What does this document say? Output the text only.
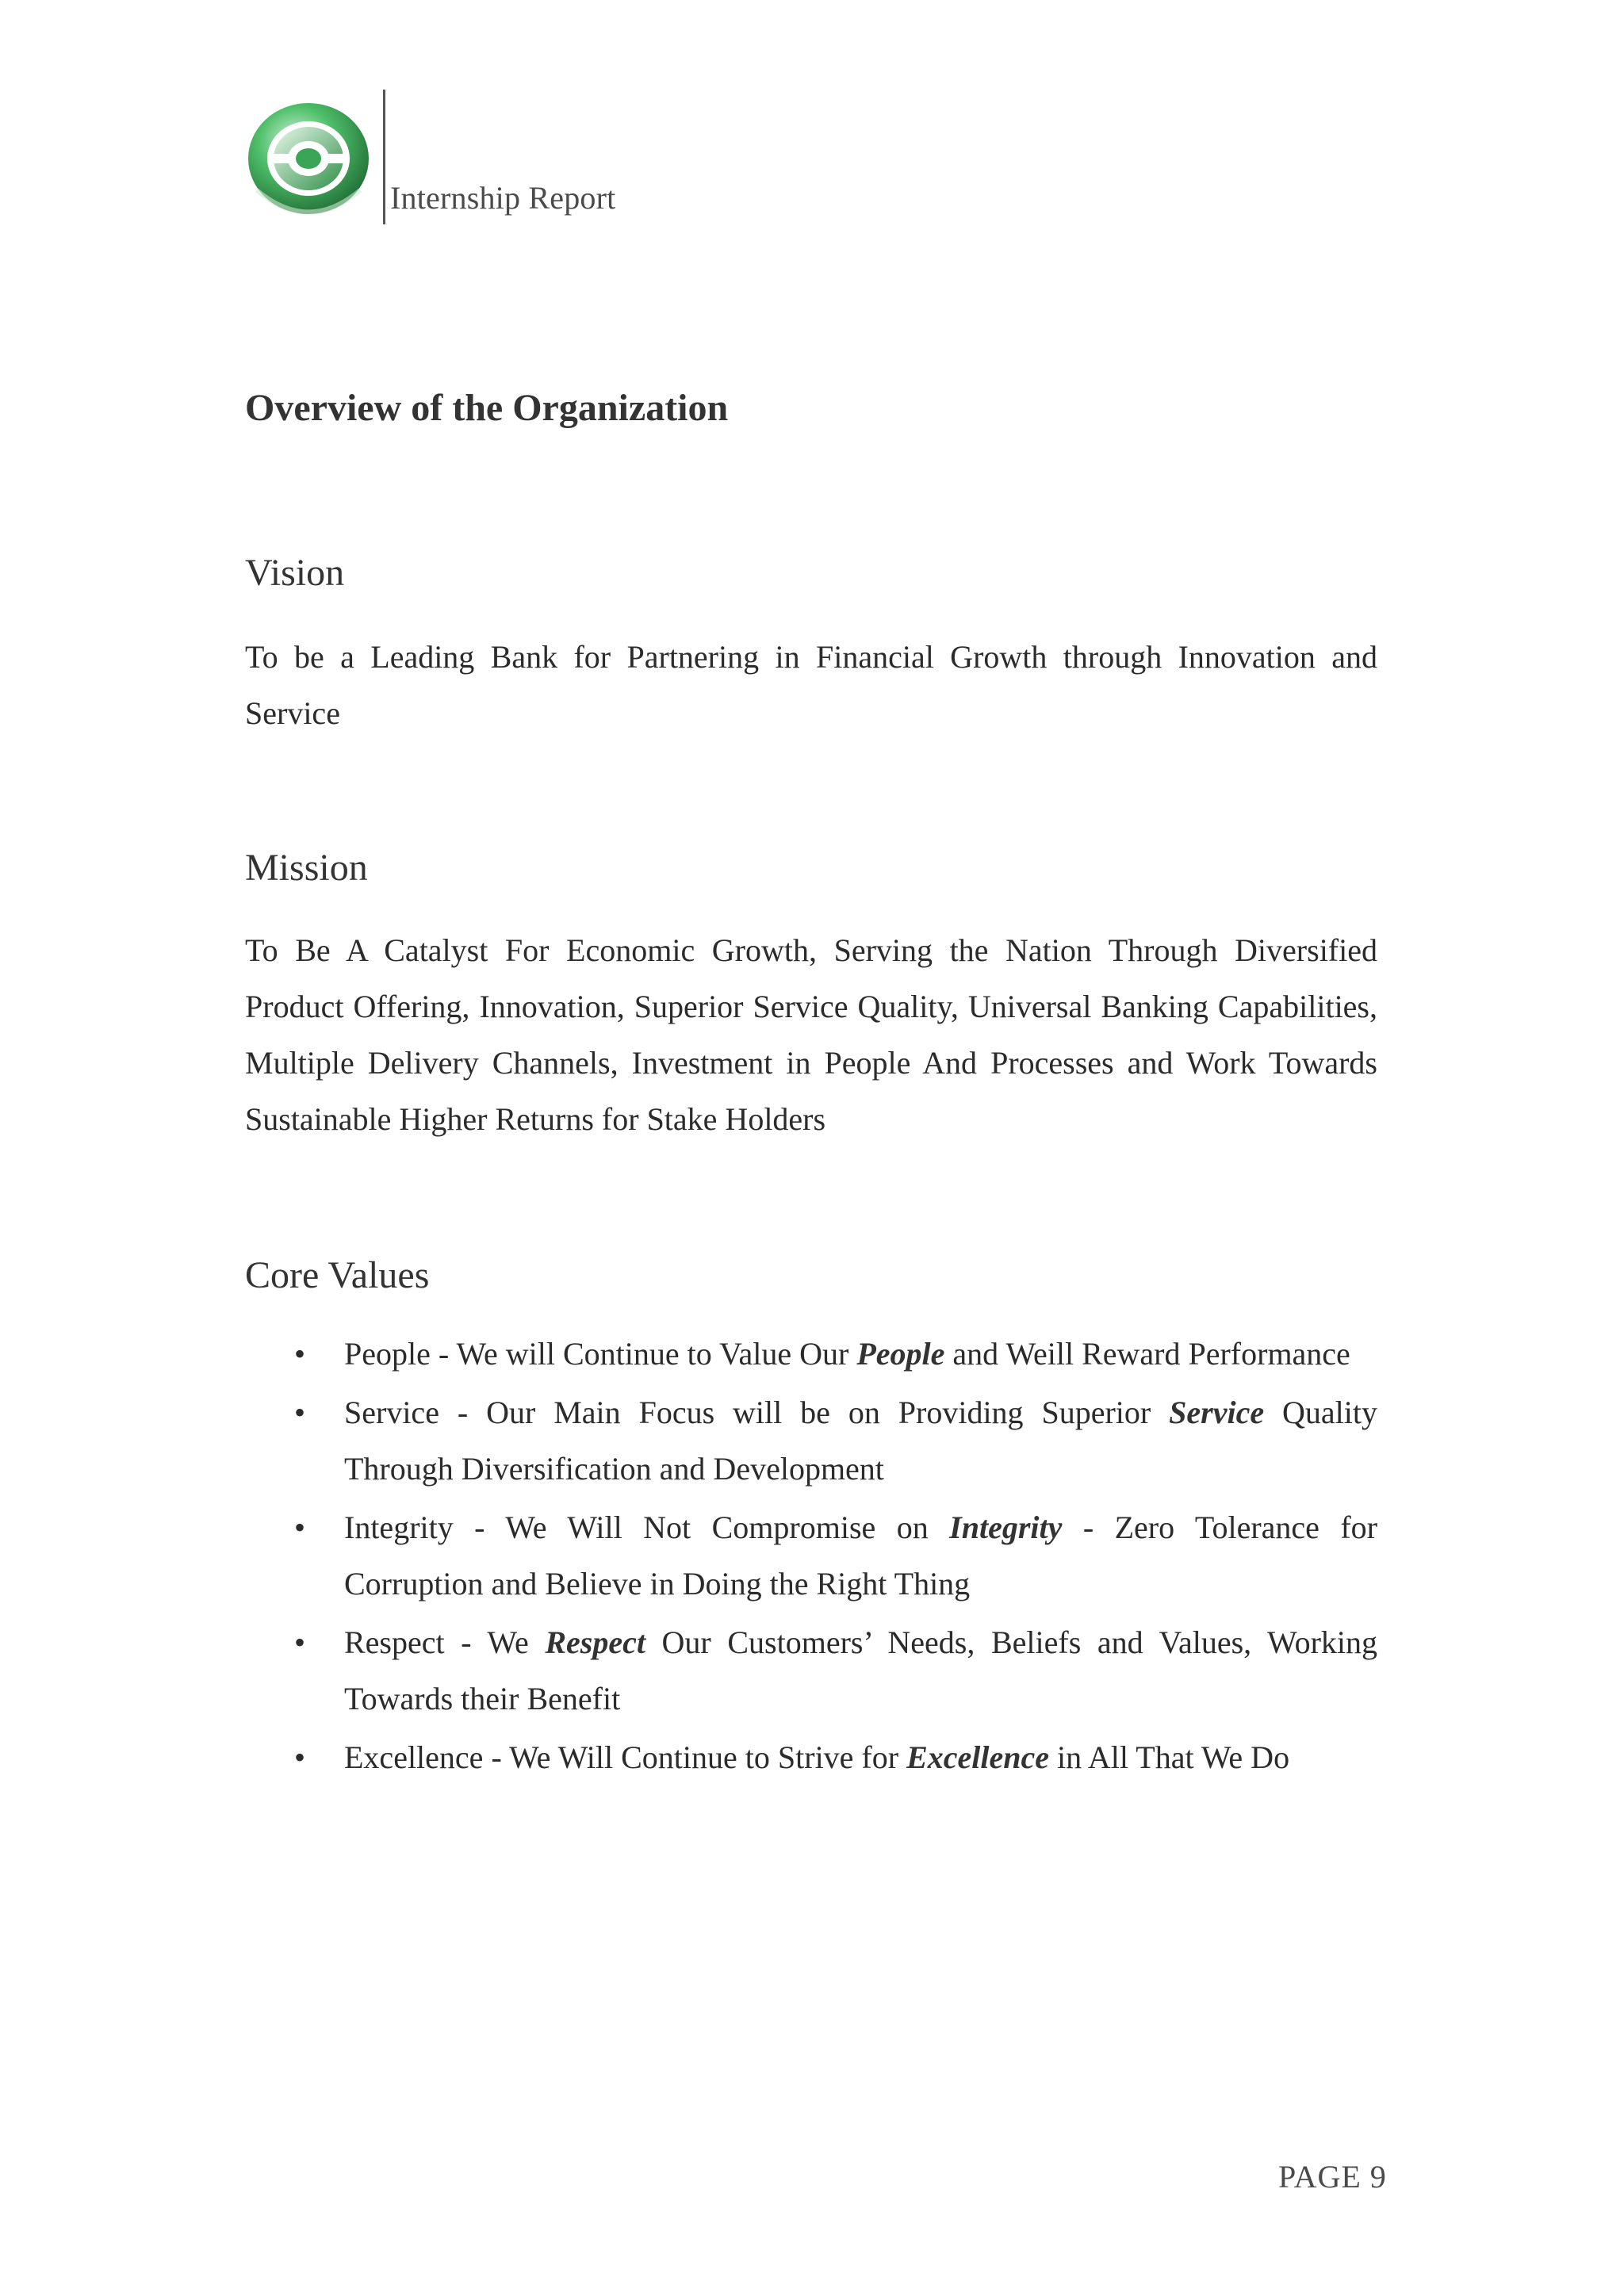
Internship Report
Overview of the Organization
Vision
To be a Leading Bank for Partnering in Financial Growth through Innovation and Service
Mission
To Be A Catalyst For Economic Growth, Serving the Nation Through Diversified Product Offering, Innovation, Superior Service Quality, Universal Banking Capabilities, Multiple Delivery Channels, Investment in People And Processes and Work Towards Sustainable Higher Returns for Stake Holders
Core Values
• People - We will Continue to Value Our People and Weill Reward Performance
• Service - Our Main Focus will be on Providing Superior Service Quality Through Diversification and Development
• Integrity - We Will Not Compromise on Integrity - Zero Tolerance for Corruption and Believe in Doing the Right Thing
• Respect - We Respect Our Customers’ Needs, Beliefs and Values, Working Towards their Benefit
• Excellence - We Will Continue to Strive for Excellence in All That We Do
PAGE 9
